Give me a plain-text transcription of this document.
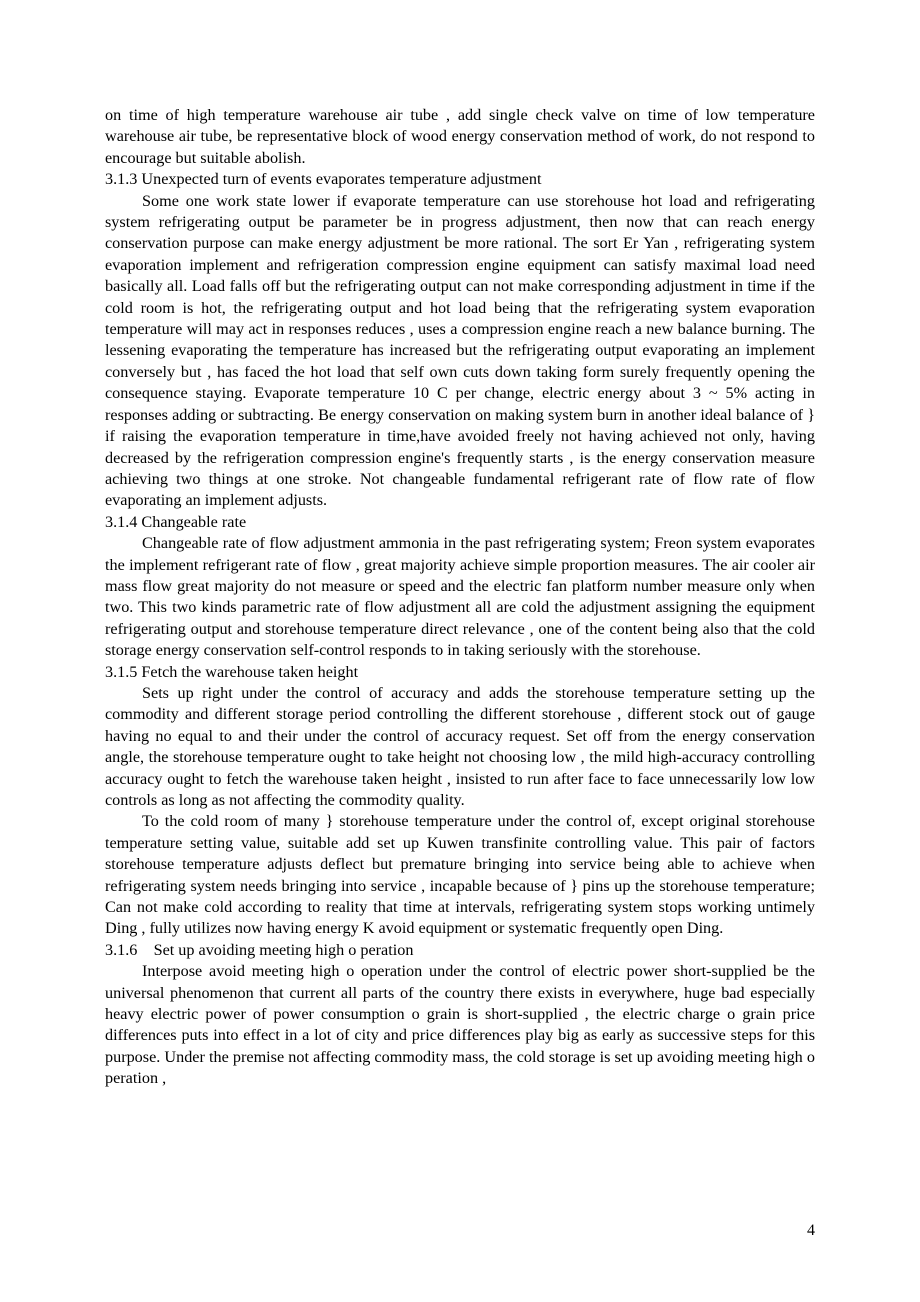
on time of high temperature warehouse air tube , add single check valve on time of low temperature warehouse air tube, be representative block of wood energy conservation method of work, do not respond to encourage but suitable abolish.

3.1.3 Unexpected turn of events evaporates temperature adjustment

Some one work state lower if evaporate temperature can use storehouse hot load and refrigerating system refrigerating output be parameter be in progress adjustment, then now that can reach energy conservation purpose can make energy adjustment be more rational. The sort Er Yan , refrigerating system evaporation implement and refrigeration compression engine equipment can satisfy maximal load need basically all. Load falls off but the refrigerating output can not make corresponding adjustment in time if the cold room is hot, the refrigerating output and hot load being that the refrigerating system evaporation temperature will may act in responses reduces , uses a compression engine reach a new balance burning. The lessening evaporating the temperature has increased but the refrigerating output evaporating an implement conversely but , has faced the hot load that self own cuts down taking form surely frequently opening the consequence staying. Evaporate temperature 10 C per change, electric energy about 3 ~ 5% acting in responses adding or subtracting. Be energy conservation on making system burn in another ideal balance of } if raising the evaporation temperature in time,have avoided freely not having achieved not only, having decreased by the refrigeration compression engine's frequently starts , is the energy conservation measure achieving two things at one stroke. Not changeable fundamental refrigerant rate of flow rate of flow evaporating an implement adjusts.

3.1.4 Changeable rate

Changeable rate of flow adjustment ammonia in the past refrigerating system; Freon system evaporates the implement refrigerant rate of flow , great majority achieve simple proportion measures. The air cooler air mass flow great majority do not measure or speed and the electric fan platform number measure only when two. This two kinds parametric rate of flow adjustment all are cold the adjustment assigning the equipment refrigerating output and storehouse temperature direct relevance , one of the content being also that the cold storage energy conservation self-control responds to in taking seriously with the storehouse.

3.1.5 Fetch the warehouse taken height

Sets up right under the control of accuracy and adds the storehouse temperature setting up the commodity and different storage period controlling the different storehouse , different stock out of gauge having no equal to and their under the control of accuracy request. Set off from the energy conservation angle, the storehouse temperature ought to take height not choosing low , the mild high-accuracy controlling accuracy ought to fetch the warehouse taken height , insisted to run after face to face unnecessarily low low controls as long as not affecting the commodity quality.

To the cold room of many } storehouse temperature under the control of, except original storehouse temperature setting value, suitable add set up Kuwen transfinite controlling value. This pair of factors storehouse temperature adjusts deflect but premature bringing into service being able to achieve when refrigerating system needs bringing into service , incapable because of } pins up the storehouse temperature; Can not make cold according to reality that time at intervals, refrigerating system stops working untimely Ding , fully utilizes now having energy K avoid equipment or systematic frequently open Ding.

3.1.6    Set up avoiding meeting high o peration

Interpose avoid meeting high o operation under the control of electric power short-supplied be the universal phenomenon that current all parts of the country there exists in everywhere, huge bad especially heavy electric power of power consumption o grain is short-supplied , the electric charge o grain price differences puts into effect in a lot of city and price differences play big as early as successive steps for this purpose. Under the premise not affecting commodity mass, the cold storage is set up avoiding meeting high o peration ,

4
